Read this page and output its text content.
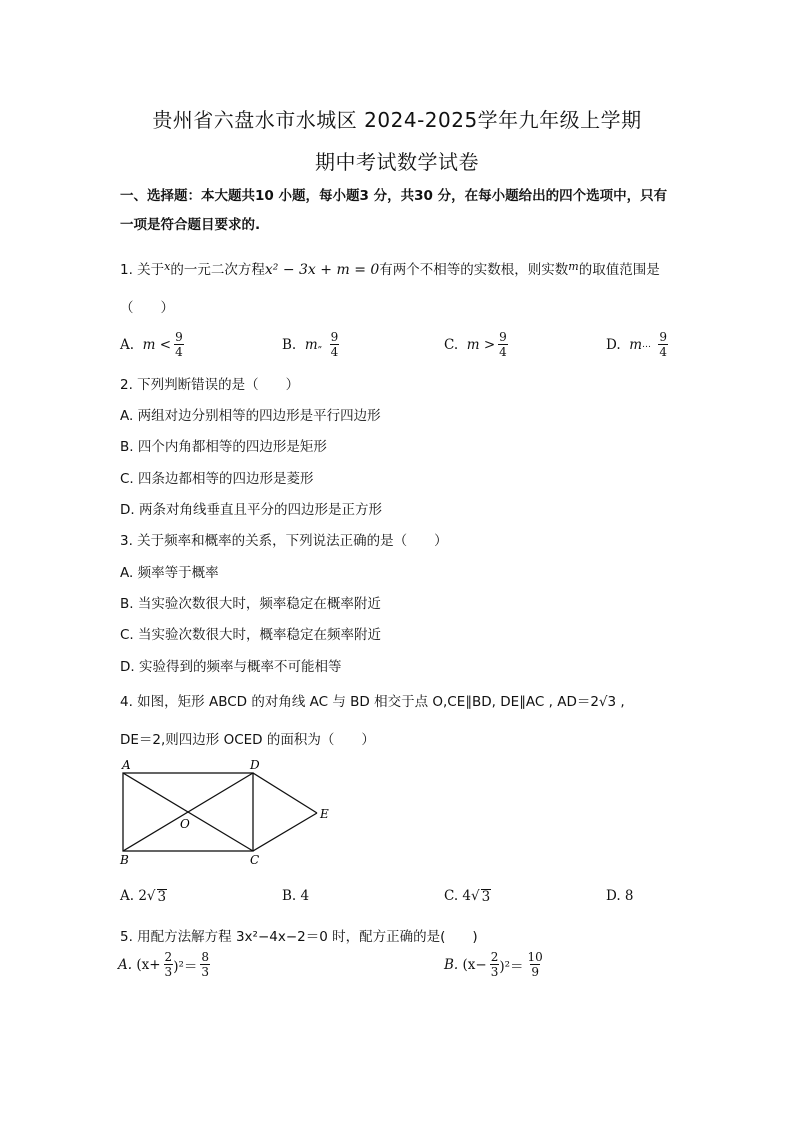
贵州省六盘水市水城区 2024-2025学年九年级上学期
期中考试数学试卷
一、选择题：本大题共10 小题，每小题3 分，共30 分，在每小题给出的四个选项中，只有一项是符合题目要求的.
1. 关于$^x$的一元二次方程x² − 3x + m = 0有两个不相等的实数根，则实数$^m$的取值范围是
（　　）
A.
m
< $\frac{9}{4}$	B.
m „
$\frac{9}{4}$	C.
m
> $\frac{9}{4}$	D.
m …
$\frac{9}{4}$
2. 下列判断错误的是（　　）
A. 两组对边分别相等的四边形是平行四边形
B. 四个内角都相等的四边形是矩形
C. 四条边都相等的四边形是菱形
D. 两条对角线垂直且平分的四边形是正方形
3. 关于频率和概率的关系，下列说法正确的是（　　）
A. 频率等于概率
B. 当实验次数很大时，频率稳定在概率附近
C. 当实验次数很大时，概率稳定在频率附近
D. 实验得到的频率与概率不可能相等
4. 如图，矩形 ABCD 的对角线 AC 与 BD 相交于点 O,CE∥BD, DE∥AC , AD＝2√3 ,
DE＝2,则四边形 OCED 的面积为（　　）
A	D
B	C
E
O
A. 2 √ 3	B. 4	C. 4 √ 3	D. 8
5. 用配方法解方程 3x²−4x−2＝0 时，配方正确的是(　　)
A.
$(x+ \frac{2}{3} )^2= \frac{8}{3}$	B.
$(x- \frac{2}{3} )^2= \frac{10}{9}$
